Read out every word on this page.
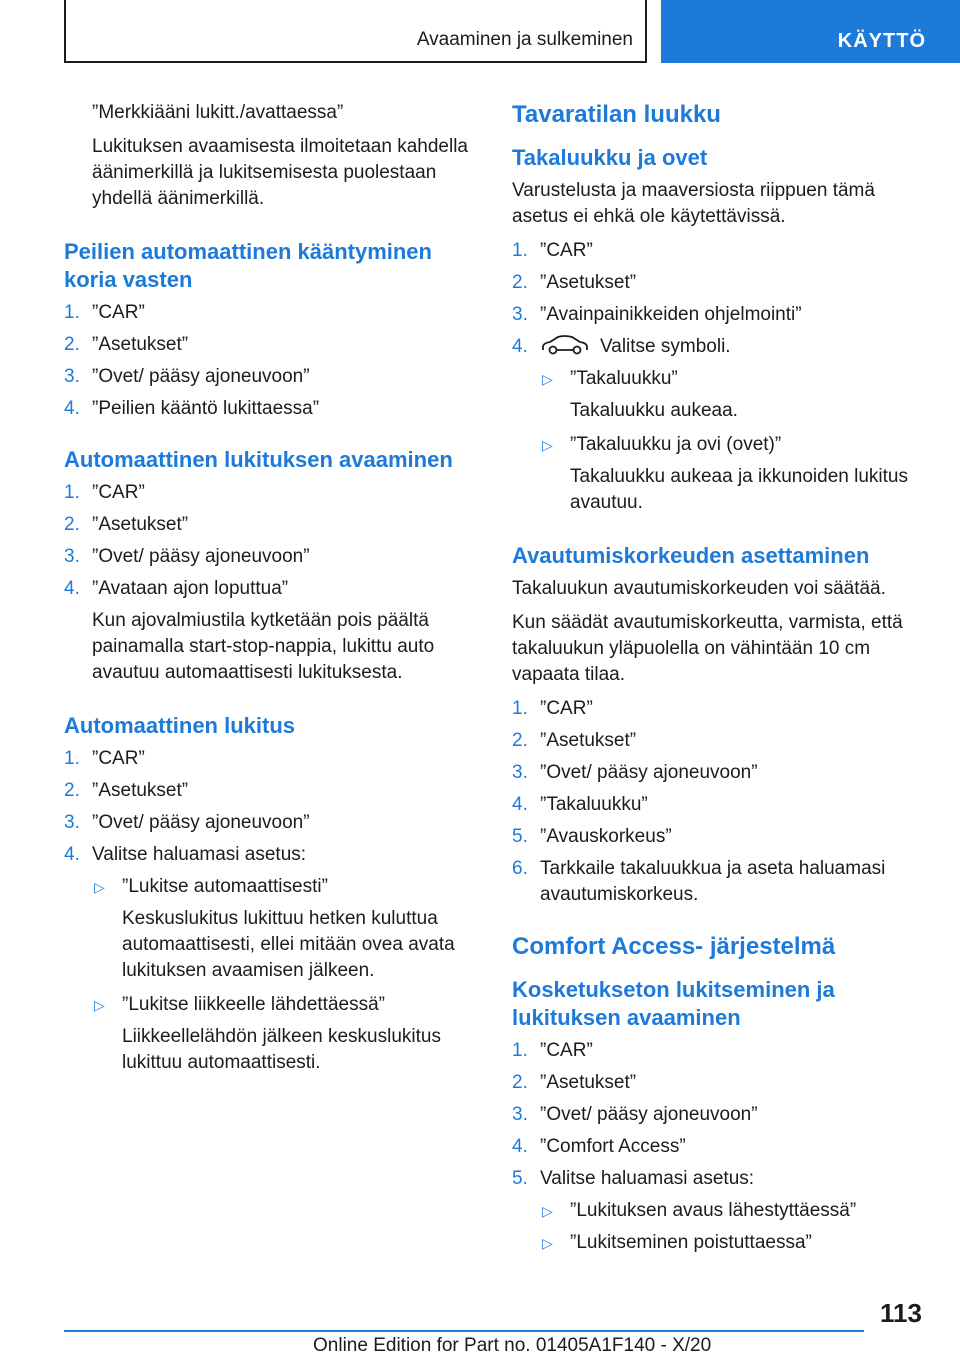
Avaaminen ja sulkeminen	KÄYTTÖ
”Merkkiääni lukitt./avattaessa”
Lukituksen avaamisesta ilmoitetaan kahdella äänimerkillä ja lukitsemisesta puolestaan yhdellä äänimerkillä.
Peilien automaattinen kääntyminen koria vasten
1. ”CAR”
2. ”Asetukset”
3. ”Ovet/ pääsy ajoneuvoon”
4. ”Peilien kääntö lukittaessa”
Automaattinen lukituksen avaaminen
1. ”CAR”
2. ”Asetukset”
3. ”Ovet/ pääsy ajoneuvoon”
4. ”Avataan ajon loputtua”
Kun ajovalmiustila kytketään pois päältä painamalla start-stop-nappia, lukittu auto avautuu automaattisesti lukituksesta.
Automaattinen lukitus
1. ”CAR”
2. ”Asetukset”
3. ”Ovet/ pääsy ajoneuvoon”
4. Valitse haluamasi asetus:
▷ ”Lukitse automaattisesti”
Keskuslukitus lukittuu hetken kuluttua automaattisesti, ellei mitään ovea avata lukituksen avaamisen jälkeen.
▷ ”Lukitse liikkeelle lähdettäessä”
Liikkeellelähdön jälkeen keskuslukitus lukittuu automaattisesti.
Tavaratilan luukku
Takaluukku ja ovet
Varustelusta ja maaversiosta riippuen tämä asetus ei ehkä ole käytettävissä.
1. ”CAR”
2. ”Asetukset”
3. ”Avainpainikkeiden ohjelmointi”
4.	Valitse symboli.
▷ ”Takaluukku”
Takaluukku aukeaa.
▷ ”Takaluukku ja ovi (ovet)”
Takaluukku aukeaa ja ikkunoiden lukitus avautuu.
Avautumiskorkeuden asettaminen
Takaluukun avautumiskorkeuden voi säätää.
Kun säädät avautumiskorkeutta, varmista, että takaluukun yläpuolella on vähintään 10 cm vapaata tilaa.
1. ”CAR”
2. ”Asetukset”
3. ”Ovet/ pääsy ajoneuvoon”
4. ”Takaluukku”
5. ”Avauskorkeus”
6. Tarkkaile takaluukkua ja aseta haluamasi avautumiskorkeus.
Comfort Access- järjestelmä
Kosketukseton lukitseminen ja lukituksen avaaminen
1. ”CAR”
2. ”Asetukset”
3. ”Ovet/ pääsy ajoneuvoon”
4. ”Comfort Access”
5. Valitse haluamasi asetus:
▷ ”Lukituksen avaus lähestyttäessä”
▷ ”Lukitseminen poistuttaessa”
113
Online Edition for Part no. 01405A1F140 - X/20
